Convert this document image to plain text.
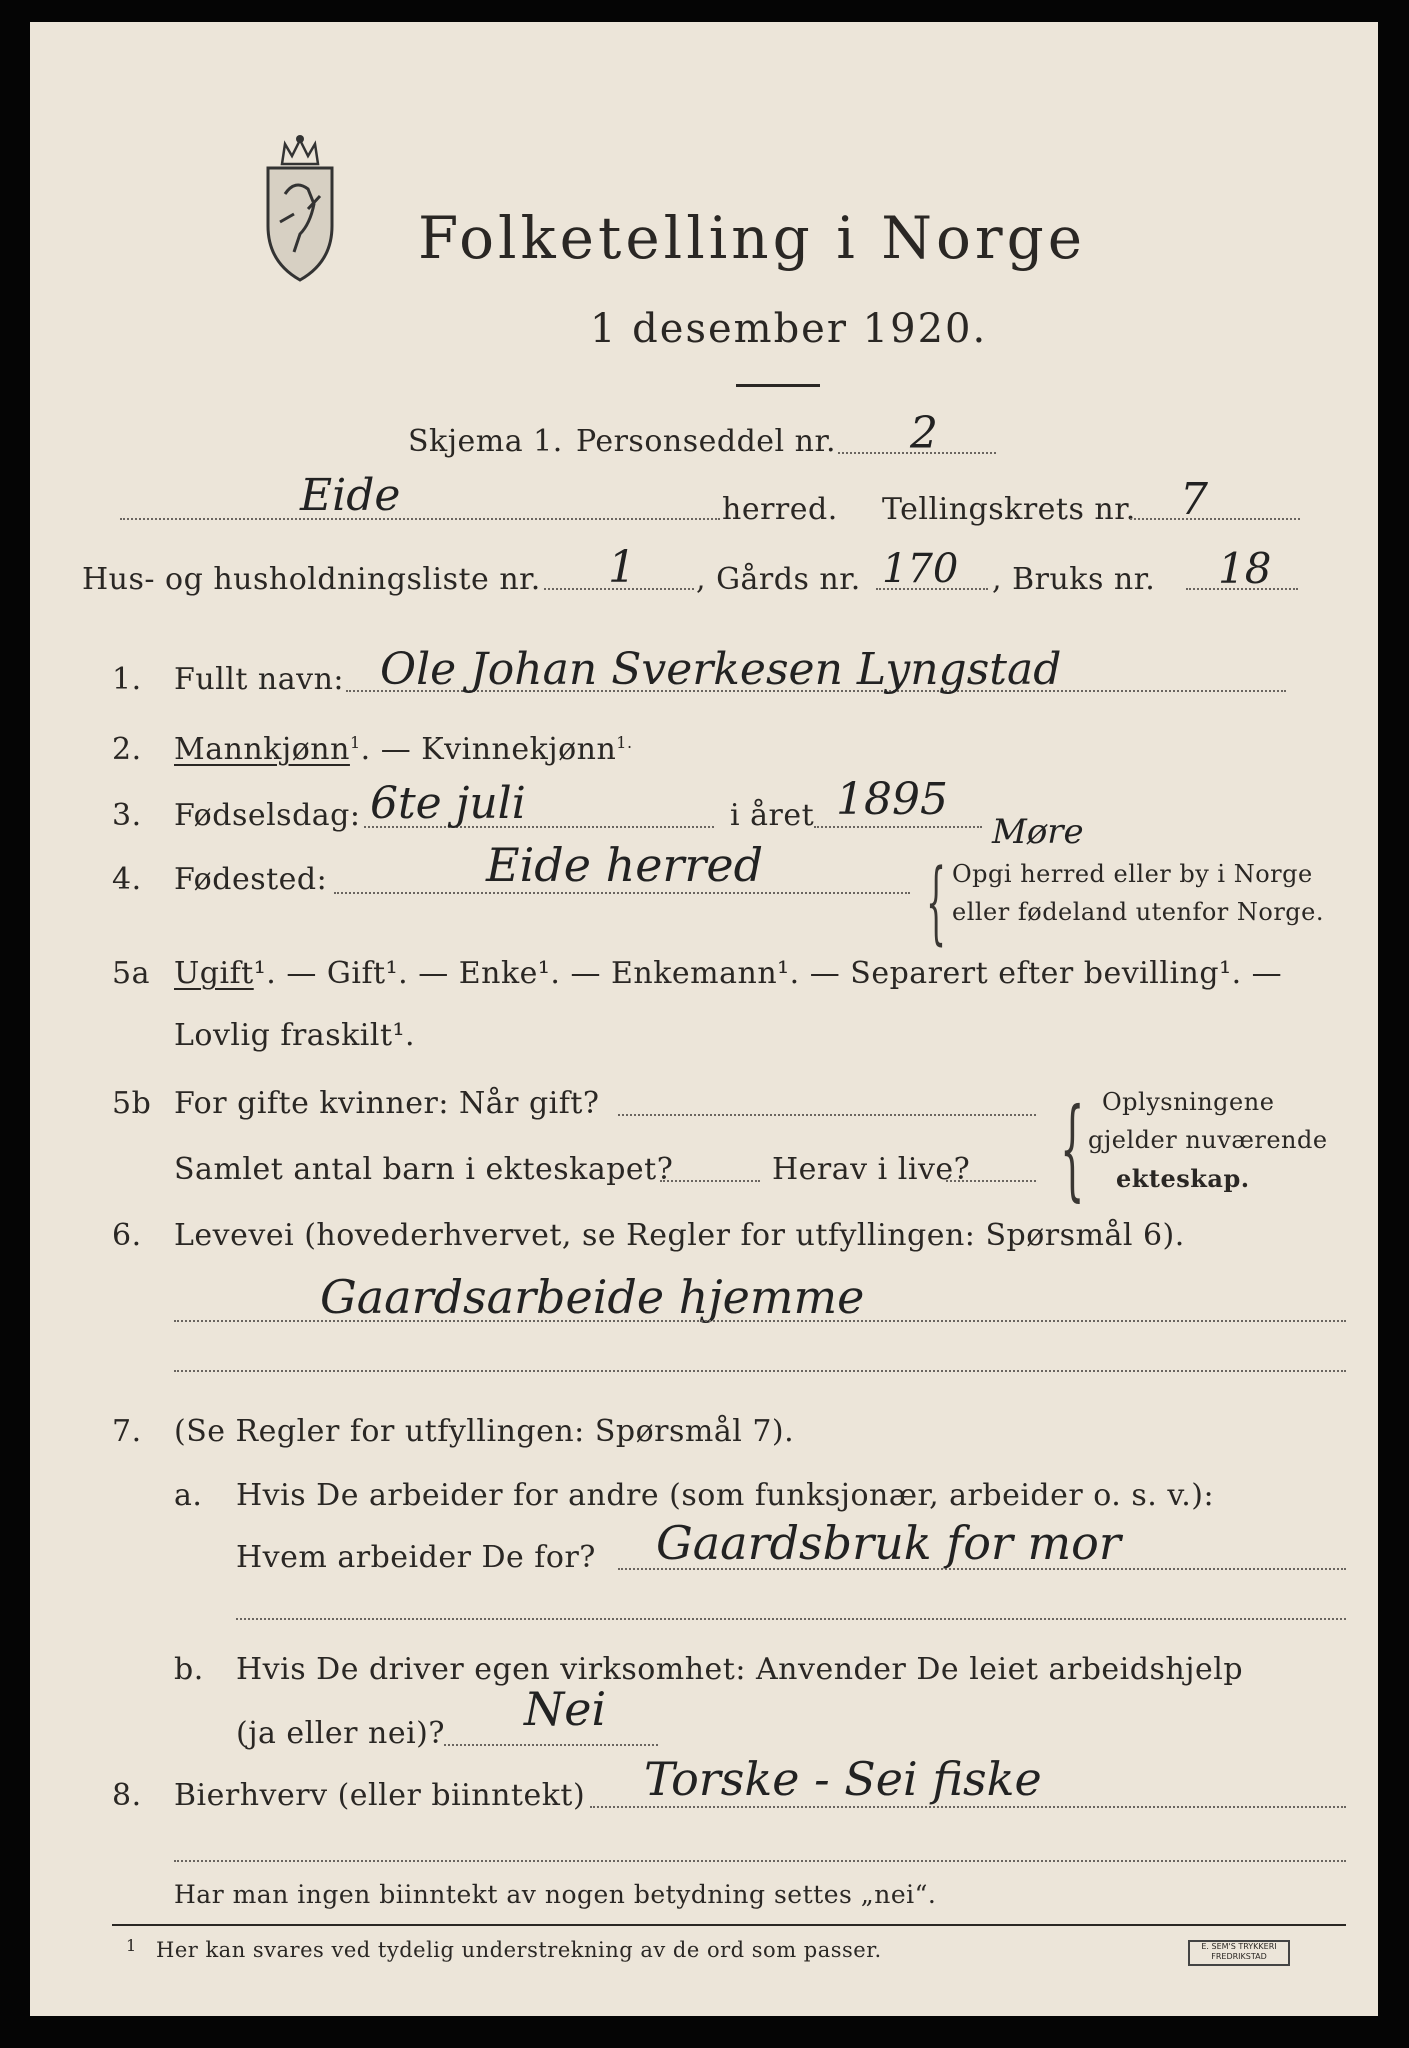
Folketelling i Norge
1 desember 1920.
Skjema 1. Personseddel nr. 2
Eide	herred. Tellingskrets nr. 7
Hus- og husholdningsliste nr. 1 , Gårds nr. 170 , Bruks nr. 18
1. Fullt navn: Ole Johan Sverkesen Lyngstad
2. Mannkjønn$^1$. — Kvinnekjønn$^{1.}$
3. Fødselsdag: 6te juli	i året 1895
4. Fødested:	Eide herred
Møre
{ Opgi herred eller by i Norge
eller fødeland utenfor Norge.
5a Ugift¹. — Gift¹. — Enke¹. — Enkemann¹. — Separert efter bevilling¹. —
Lovlig fraskilt¹.
5b For gifte kvinner: Når gift?
Samlet antal barn i ekteskapet?	Herav i live? { Oplysningene
gjelder nuværende
ekteskap.
6. Levevei (hovederhvervet, se Regler for utfyllingen: Spørsmål 6).
Gaardsarbeide hjemme
7. (Se Regler for utfyllingen: Spørsmål 7).
a. Hvis De arbeider for andre (som funksjonær, arbeider o. s. v.):
Hvem arbeider De for? Gaardsbruk for mor
b. Hvis De driver egen virksomhet: Anvender De leiet arbeidshjelp
(ja eller nei)? Nei
8. Bierhverv (eller biinntekt) Torske - Sei fiske
Har man ingen biinntekt av nogen betydning settes „nei“.
1 Her kan svares ved tydelig understrekning av de ord som passer.	E. SEM'S TRYKKERI FREDRIKSTAD
